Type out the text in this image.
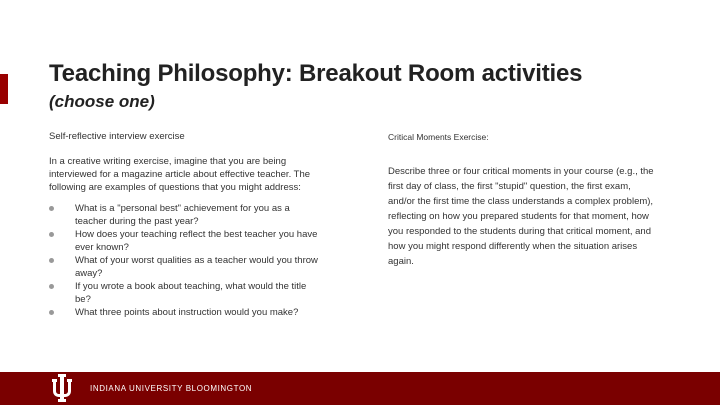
Teaching Philosophy: Breakout Room activities
(choose one)
Self-reflective interview exercise
In a creative writing exercise, imagine that you are being interviewed for a magazine article about effective teacher. The following are examples of questions that you might address:
What is a "personal best" achievement for you as a teacher during the past year?
How does your teaching reflect the best teacher you have ever known?
What of your worst qualities as a teacher would you throw away?
If you wrote a book about teaching, what would the title be?
What three points about instruction would you make?
Critical Moments Exercise:
Describe three or four critical moments in your course (e.g., the first day of class, the first "stupid" question, the first exam, and/or the first time the class understands a complex problem), reflecting on how you prepared students for that moment, how you responded to the students during that critical moment, and how you might respond differently when the situation arises again.
INDIANA UNIVERSITY BLOOMINGTON
